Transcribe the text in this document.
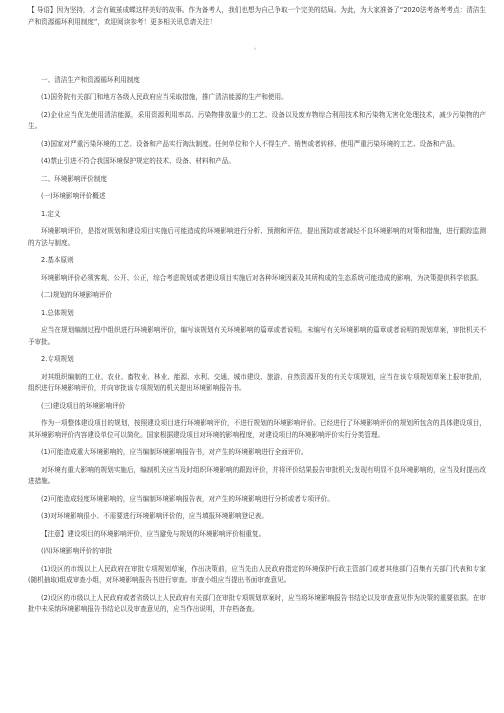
【 导语】因为坚持，才会有破茧成蝶这样美好的故事。作为备考人，我们也想为自己争取一个完美的结局。为此，为大家准备了“2020法考备考考点：清洁生产和资源循环利用制度”，欢迎阅读参考！更多相关讯息请关注！
。
一、清洁生产和资源循环利用制度
(1)国务院有关部门和地方各级人民政府应当采取措施，推广清洁能源的生产和使用。
(2)企业应当优先使用清洁能源，采用资源利用率高、污染物排放量少的工艺、设备以及废弃物综合利用技术和污染物无害化处理技术，减少污染物的产生。
(3)国家对严重污染环境的工艺、设备和产品实行淘汰制度。任何单位和个人不得生产、销售或者转移、使用严重污染环境的工艺、设备和产品。
(4)禁止引进不符合我国环境保护规定的技术、设备、材料和产品。
二、环境影响评价制度
(一)环境影响评价概述
1.定义
环境影响评价，是指对规划和建设项目实施后可能造成的环境影响进行分析、预测和评估，提出预防或者减轻不良环境影响的对策和措施，进行跟踪监测的方法与制度。
2.基本原则
环境影响评价必须客观、公开、公正，综合考虑规划或者建设项目实施后对各种环境因素及其所构成的生态系统可能造成的影响，为决策提供科学依据。
(二)规划的环境影响评价
1.总体规划
应当在规划编制过程中组织进行环境影响评价，编写该规划有关环境影响的篇章或者说明。未编写有关环境影响的篇章或者说明的规划草案，审批机关不予审批。
2.专项规划
对其组织编制的工业、农业、畜牧业、林业、能源、水利、交通、城市建设、旅游、自然资源开发的有关专项规划，应当在该专项规划草案上报审批前，组织进行环境影响评价，并向审批该专项规划的机关提出环境影响报告书。
(三)建设项目的环境影响评价
作为一项整体建设项目的规划，按照建设项目进行环境影响评价，不进行规划的环境影响评价。已经进行了环境影响评价的规划所包含的具体建设项目，其环境影响评价内容建设单位可以简化。国家根据建设项目对环境的影响程度，对建设项目的环境影响评价实行分类管理。
(1)可能造成重大环境影响的，应当编制环境影响报告书，对产生的环境影响进行全面评价。
对环境有重大影响的规划实施后，编制机关应当及时组织环境影响的跟踪评价，并将评价结果报告审批机关;发现有明显不良环境影响的，应当及时提出改进措施。
(2)可能造成轻度环境影响的，应当编制环境影响报告表，对产生的环境影响进行分析或者专项评价。
(3)对环境影响很小、不需要进行环境影响评价的，应当填报环境影响登记表。
【注意】建设项目的环境影响评价，应当避免与规划的环境影响评价相重复。
(四)环境影响评价的审批
(1)设区的市级以上人民政府在审批专项规划草案，作出决策前，应当先由人民政府指定的环境保护行政主管部门或者其他部门召集有关部门代表和专家(随机抽取)组成审查小组，对环境影响报告书进行审查。审查小组应当提出书面审查意见。
(2)设区的市级以上人民政府或者省级以上人民政府有关部门在审批专项规划草案时，应当将环境影响报告书结论以及审查意见作为决策的重要依据。在审批中未采纳环境影响报告书结论以及审查意见的，应当作出说明，并存档备查。
